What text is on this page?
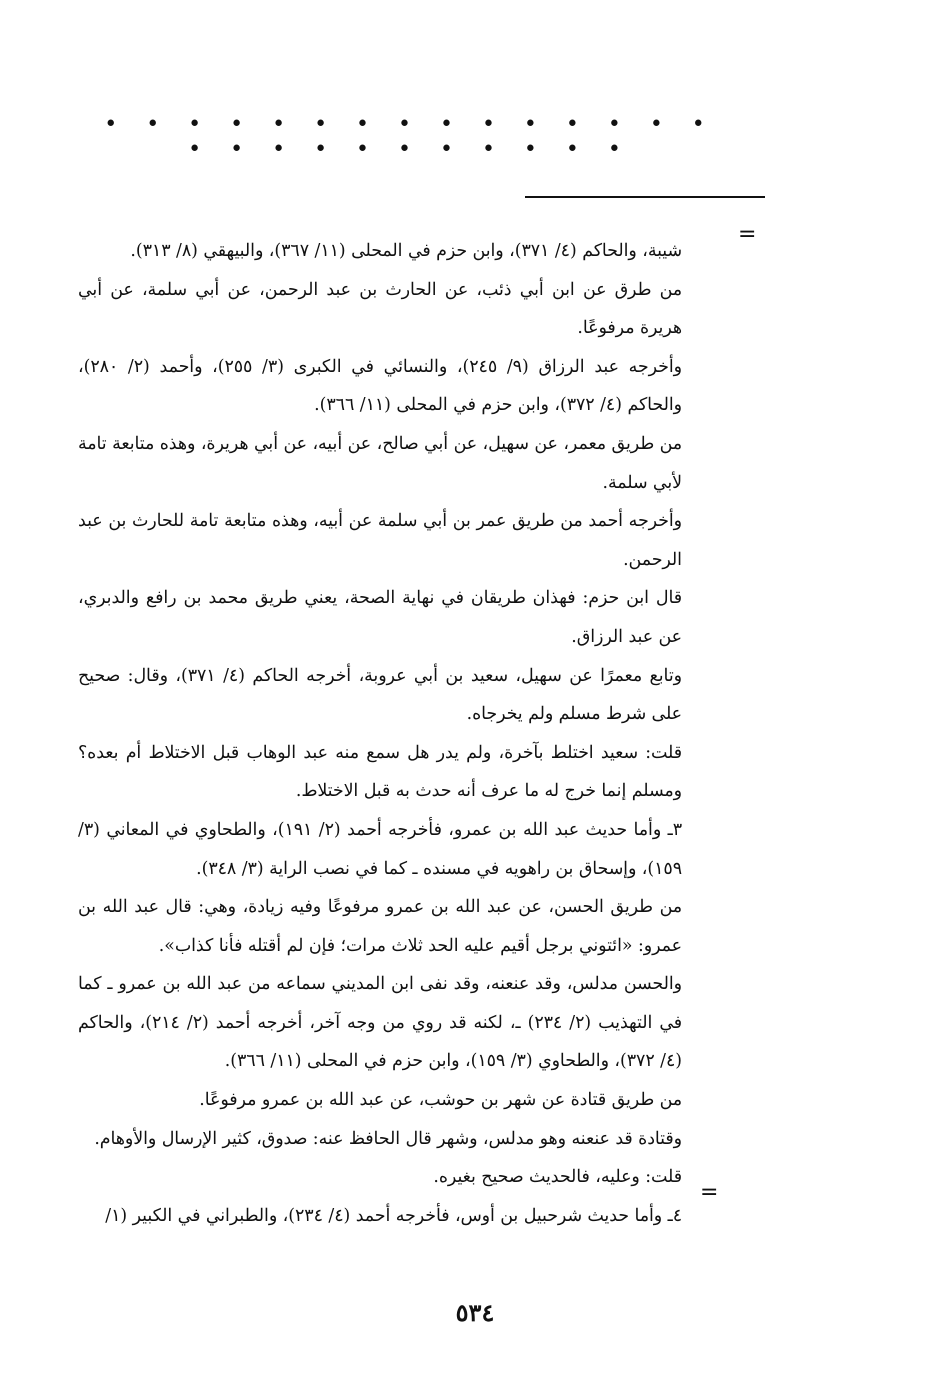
• • • • • • • • • • • • • • • • • • • • • • • • • •
=

شيبة، والحاكم (٤/ ٣٧١)، وابن حزم في المحلى (١١/ ٣٦٧)، والبيهقي (٨/ ٣١٣).

من طرق عن ابن أبي ذئب، عن الحارث بن عبد الرحمن، عن أبي سلمة، عن أبي هريرة مرفوعًا.

وأخرجه عبد الرزاق (٩/ ٢٤٥)، والنسائي في الكبرى (٣/ ٢٥٥)، وأحمد (٢/ ٢٨٠)، والحاكم (٤/ ٣٧٢)، وابن حزم في المحلى (١١/ ٣٦٦).

من طريق معمر، عن سهيل، عن أبي صالح، عن أبيه، عن أبي هريرة، وهذه متابعة تامة لأبي سلمة.

وأخرجه أحمد من طريق عمر بن أبي سلمة عن أبيه، وهذه متابعة تامة للحارث بن عبد الرحمن.

قال ابن حزم: فهذان طريقان في نهاية الصحة، يعني طريق محمد بن رافع والدبري، عن عبد الرزاق.

وتابع معمرًا عن سهيل، سعيد بن أبي عروبة، أخرجه الحاكم (٤/ ٣٧١)، وقال: صحيح على شرط مسلم ولم يخرجاه.

قلت: سعيد اختلط بآخرة، ولم يدر هل سمع منه عبد الوهاب قبل الاختلاط أم بعده؟ ومسلم إنما خرج له ما عرف أنه حدث به قبل الاختلاط.

٣ـ وأما حديث عبد الله بن عمرو، فأخرجه أحمد (٢/ ١٩١)، والطحاوي في المعاني (٣/ ١٥٩)، وإسحاق بن راهويه في مسنده ـ كما في نصب الراية (٣/ ٣٤٨).

من طريق الحسن، عن عبد الله بن عمرو مرفوعًا وفيه زيادة، وهي: قال عبد الله بن عمرو: «ائتوني برجل أقيم عليه الحد ثلاث مرات؛ فإن لم أقتله فأنا كذاب».

والحسن مدلس، وقد عنعنه، وقد نفى ابن المديني سماعه من عبد الله بن عمرو ـ كما في التهذيب (٢/ ٢٣٤) ـ، لكنه قد روي من وجه آخر، أخرجه أحمد (٢/ ٢١٤)، والحاكم (٤/ ٣٧٢)، والطحاوي (٣/ ١٥٩)، وابن حزم في المحلى (١١/ ٣٦٦).

من طريق قتادة عن شهر بن حوشب، عن عبد الله بن عمرو مرفوعًا.

وقتادة قد عنعنه وهو مدلس، وشهر قال الحافظ عنه: صدوق، كثير الإرسال والأوهام.

قلت: وعليه، فالحديث صحيح بغيره.

٤ـ وأما حديث شرحبيل بن أوس، فأخرجه أحمد (٤/ ٢٣٤)، والطبراني في الكبير (١/

=
٥٣٤
